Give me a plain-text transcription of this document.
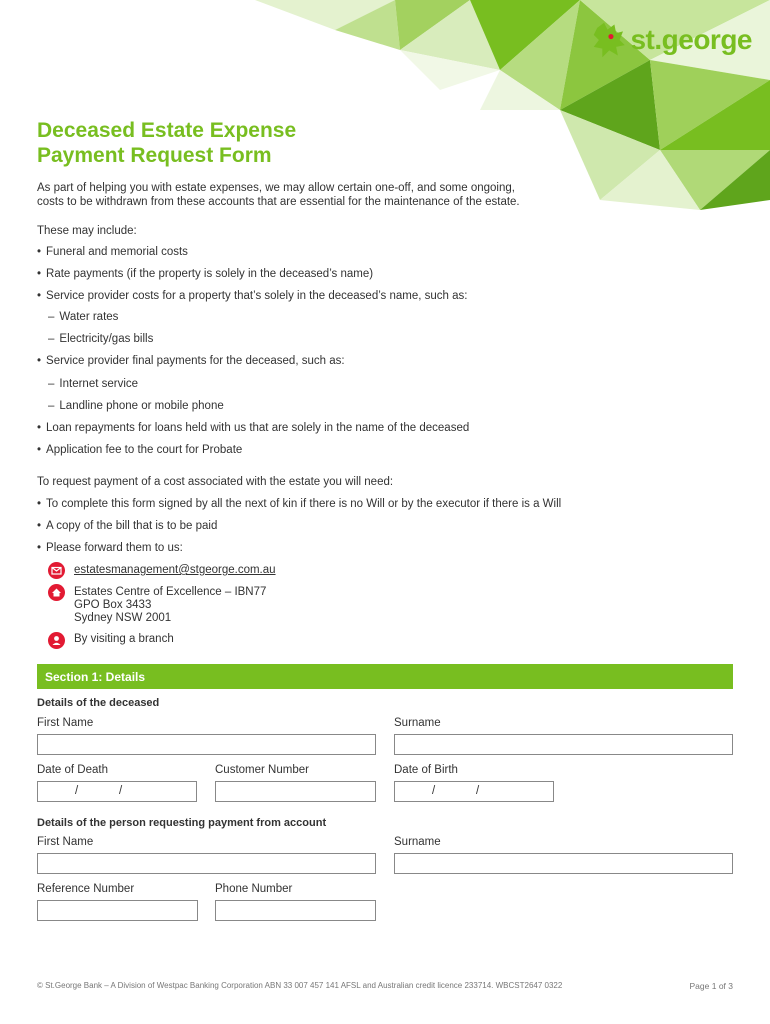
st.george
Deceased Estate Expense
Payment Request Form

As part of helping you with estate expenses, we may allow certain one-off, and some ongoing,

costs to be withdrawn from these accounts that are essential for the maintenance of the estate.

These may include:

• Funeral and memorial costs
• Rate payments (if the property is solely in the deceased’s name)
• Service provider costs for a property that’s solely in the deceased’s name, such as:
– Water rates
– Electricity/gas bills
• Service provider final payments for the deceased, such as:
– Internet service
– Landline phone or mobile phone
• Loan repayments for loans held with us that are solely in the name of the deceased
• Application fee to the court for Probate

To request payment of a cost associated with the estate you will need:

• To complete this form signed by all the next of kin if there is no Will or by the executor if there is a Will
• A copy of the bill that is to be paid
• Please forward them to us:
estatesmanagement@stgeorge.com.au
Estates Centre of Excellence – IBN77
GPO Box 3433
Sydney NSW 2001
By visiting a branch
Section 1: Details
Details of the deceased
First Name	Surname
Date of Death	Customer Number	Date of Birth
/	/	/	/
Details of the person requesting payment from account
First Name	Surname
Reference Number	Phone Number
© St.George Bank – A Division of Westpac Banking Corporation ABN 33 007 457 141 AFSL and Australian credit licence 233714. WBCST2647 0322	Page 1 of 3
